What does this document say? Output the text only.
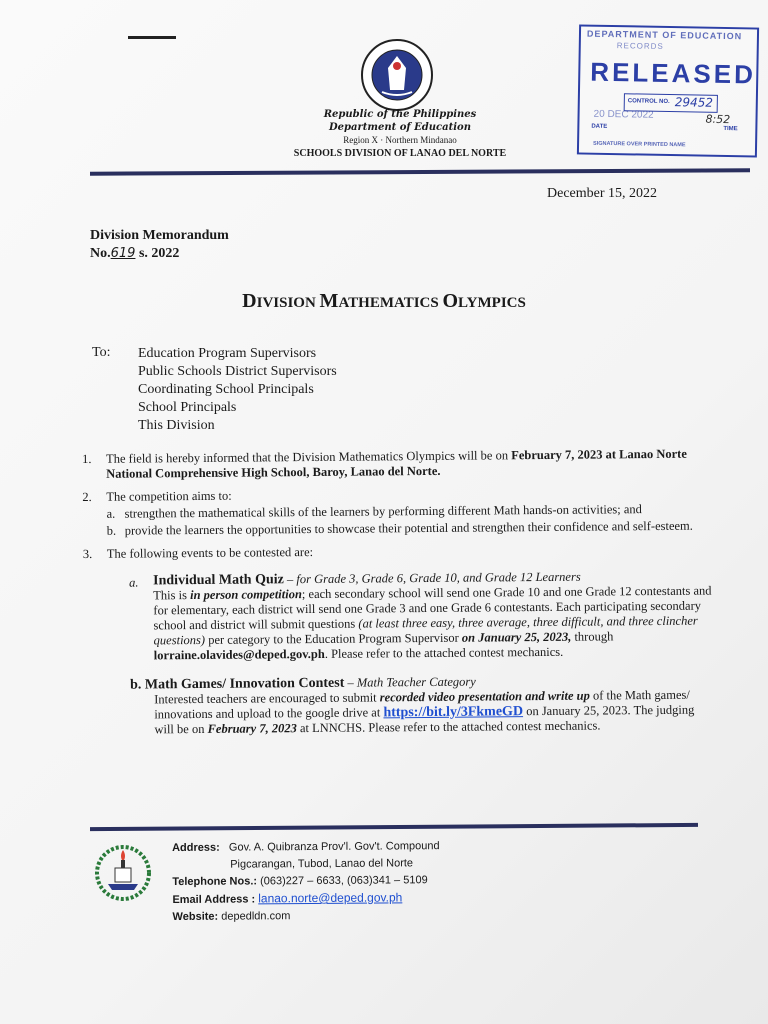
Republic of the Philippines
Department of Education
Region X · Northern Mindanao
SCHOOLS DIVISION OF LANAO DEL NORTE
DEPARTMENT OF EDUCATION
RECORDS
RELEASED
CONTROL NO. 29452
20 DEC 2022	8:52
DATE	TIME
SIGNATURE OVER PRINTED NAME
December 15, 2022
Division Memorandum
No.619 s. 2022
DIVISION MATHEMATICS OLYMPICS
To: Education Program Supervisors
Public Schools District Supervisors
Coordinating School Principals
School Principals
This Division
1. The field is hereby informed that the Division Mathematics Olympics will be on February 7, 2023 at Lanao Norte National Comprehensive High School, Baroy, Lanao del Norte.
2. The competition aims to:
a. strengthen the mathematical skills of the learners by performing different Math hands-on activities; and
b. provide the learners the opportunities to showcase their potential and strengthen their confidence and self-esteem.
3. The following events to be contested are:
a. Individual Math Quiz – for Grade 3, Grade 6, Grade 10, and Grade 12 Learners
This is in person competition; each secondary school will send one Grade 10 and one Grade 12 contestants and for elementary, each district will send one Grade 3 and one Grade 6 contestants. Each participating secondary school and district will submit questions (at least three easy, three average, three difficult, and three clincher questions) per category to the Education Program Supervisor on January 25, 2023, through lorraine.olavides@deped.gov.ph. Please refer to the attached contest mechanics.
b. Math Games/ Innovation Contest – Math Teacher Category
Interested teachers are encouraged to submit recorded video presentation and write up of the Math games/ innovations and upload to the google drive at https://bit.ly/3FkmeGD on January 25, 2023. The judging will be on February 7, 2023 at LNNCHS. Please refer to the attached contest mechanics.
Address: Gov. A. Quibranza Prov'l. Gov't. Compound
Pigcarangan, Tubod, Lanao del Norte
Telephone Nos.: (063)227 – 6633, (063)341 – 5109
Email Address : lanao.norte@deped.gov.ph
Website: depedldn.com
